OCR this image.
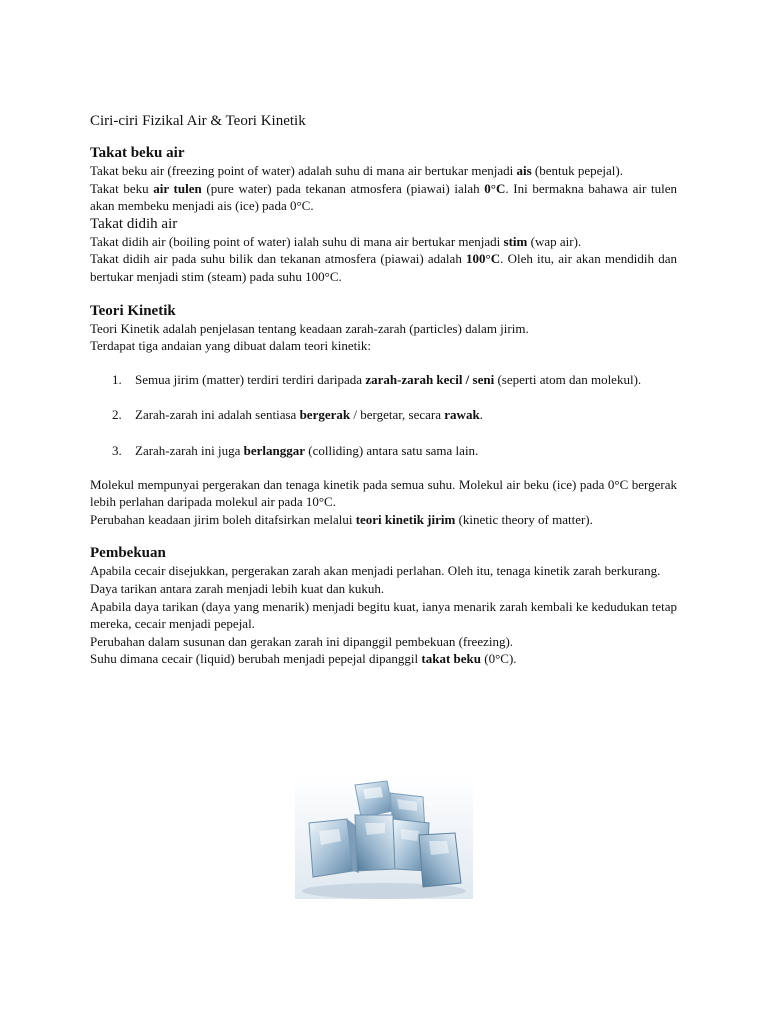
Ciri-ciri Fizikal Air & Teori Kinetik
Takat beku air

Takat beku air (freezing point of water) adalah suhu di mana air bertukar menjadi ais (bentuk pepejal).

Takat beku air tulen (pure water) pada tekanan atmosfera (piawai) ialah 0°C. Ini bermakna bahawa air tulen akan membeku menjadi ais (ice) pada 0°C.

Takat didih air

Takat didih air (boiling point of water) ialah suhu di mana air bertukar menjadi stim (wap air).

Takat didih air pada suhu bilik dan tekanan atmosfera (piawai) adalah 100°C. Oleh itu, air akan mendidih dan bertukar menjadi stim (steam) pada suhu 100°C.

Teori Kinetik

Teori Kinetik adalah penjelasan tentang keadaan zarah-zarah (particles) dalam jirim.

Terdapat tiga andaian yang dibuat dalam teori kinetik:

1. Semua jirim (matter) terdiri terdiri daripada zarah-zarah kecil / seni (seperti atom dan molekul).
2. Zarah-zarah ini adalah sentiasa bergerak / bergetar, secara rawak.
3. Zarah-zarah ini juga berlanggar (colliding) antara satu sama lain.

Molekul mempunyai pergerakan dan tenaga kinetik pada semua suhu. Molekul air beku (ice) pada 0°C bergerak lebih perlahan daripada molekul air pada 10°C.

Perubahan keadaan jirim boleh ditafsirkan melalui teori kinetik jirim (kinetic theory of matter).

Pembekuan

Apabila cecair disejukkan, pergerakan zarah akan menjadi perlahan. Oleh itu, tenaga kinetik zarah berkurang.

Daya tarikan antara zarah menjadi lebih kuat dan kukuh.

Apabila daya tarikan (daya yang menarik) menjadi begitu kuat, ianya menarik zarah kembali ke kedudukan tetap mereka, cecair menjadi pepejal.

Perubahan dalam susunan dan gerakan zarah ini dipanggil pembekuan (freezing).

Suhu dimana cecair (liquid) berubah menjadi pepejal dipanggil takat beku (0°C).
